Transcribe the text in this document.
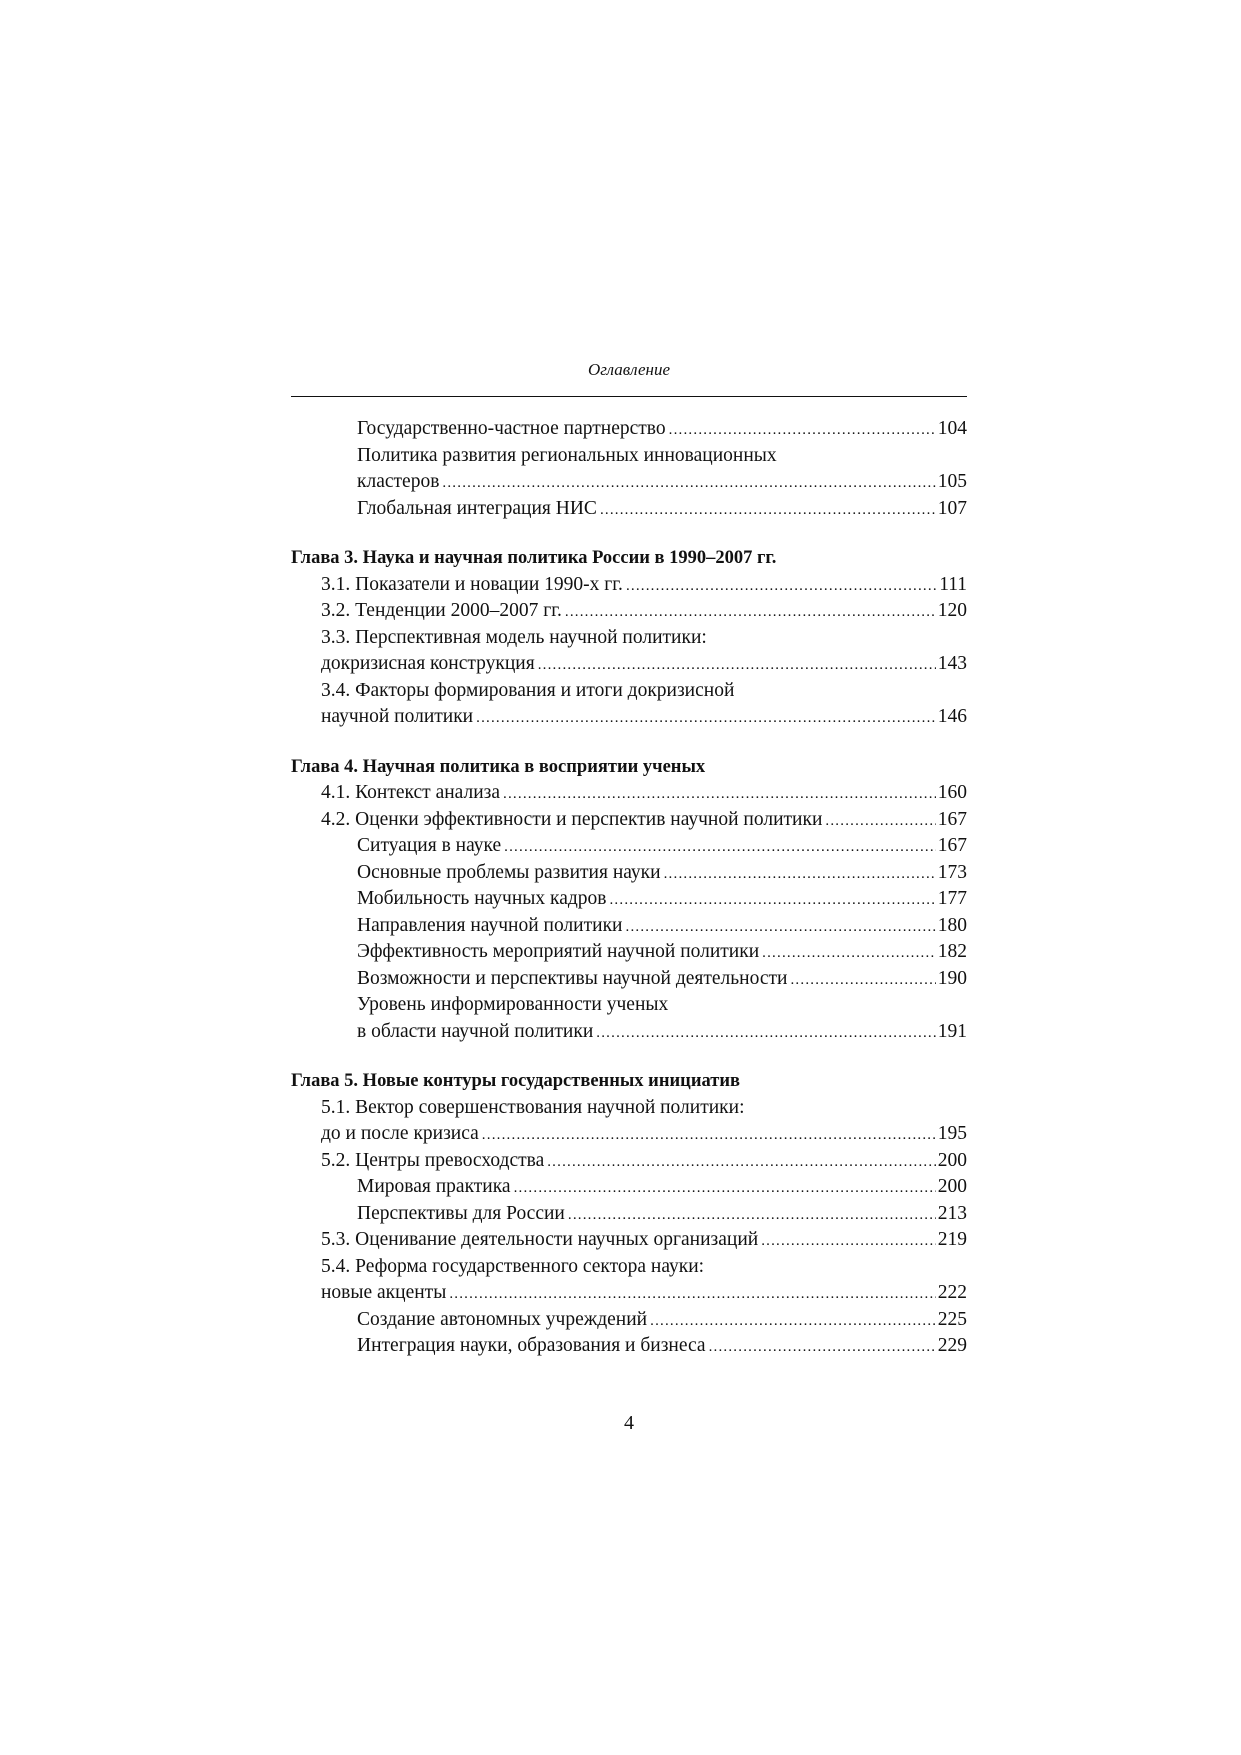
Оглавление
Государственно-частное партнерство .....	104
Политика развития региональных инновационных
кластеров .....	105
Глобальная интеграция НИС .....	107
Глава 3. Наука и научная политика России в 1990–2007 гг.
3.1. Показатели и новации 1990-х гг. .....	111
3.2. Тенденции 2000–2007 гг. .....	120
3.3. Перспективная модель научной политики:
докризисная конструкция .....	143
3.4. Факторы формирования и итоги докризисной
научной политики .....	146
Глава 4. Научная политика в восприятии ученых
4.1. Контекст анализа .....	160
4.2. Оценки эффективности и перспектив научной политики .....	167
Ситуация в науке .....	167
Основные проблемы развития науки .....	173
Мобильность научных кадров .....	177
Направления научной политики .....	180
Эффективность мероприятий научной политики .....	182
Возможности и перспективы научной деятельности .....	190
Уровень информированности ученых
в области научной политики .....	191
Глава 5. Новые контуры государственных инициатив
5.1. Вектор совершенствования научной политики:
до и после кризиса .....	195
5.2. Центры превосходства .....	200
Мировая практика .....	200
Перспективы для России .....	213
5.3. Оценивание деятельности научных организаций .....	219
5.4. Реформа государственного сектора науки:
новые акценты .....	222
Создание автономных учреждений .....	225
Интеграция науки, образования и бизнеса .....	229
4
